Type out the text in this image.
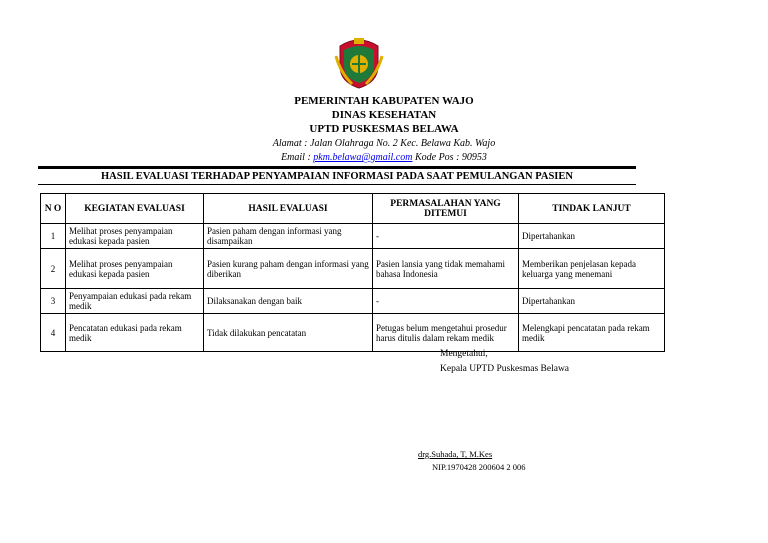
PEMERINTAH KABUPATEN WAJO
DINAS KESEHATAN
UPTD PUSKESMAS BELAWA
Alamat : Jalan Olahraga No. 2 Kec. Belawa Kab. Wajo
Email : pkm.belawa@gmail.com Kode Pos : 90953
HASIL EVALUASI TERHADAP PENYAMPAIAN INFORMASI PADA SAAT PEMULANGAN PASIEN
N O	KEGIATAN EVALUASI	HASIL EVALUASI	PERMASALAHAN YANG DITEMUI	TINDAK LANJUT
1	Melihat proses penyampaian edukasi kepada pasien	Pasien paham dengan informasi yang disampaikan	-	Dipertahankan
2	Melihat proses penyampaian edukasi kepada pasien	Pasien kurang paham dengan informasi yang diberikan	Pasien lansia yang tidak memahami bahasa Indonesia	Memberikan penjelasan kepada keluarga yang menemani
3	Penyampaian edukasi pada rekam medik	Dilaksanakan dengan baik	-	Dipertahankan
4	Pencatatan edukasi pada rekam medik	Tidak dilakukan pencatatan	Petugas belum mengetahui prosedur harus ditulis dalam rekam medik	Melengkapi pencatatan pada rekam medik
Mengetahui,
Kepala UPTD Puskesmas Belawa
drg.Suhada, T, M.Kes
NIP.1970428 200604 2 006
